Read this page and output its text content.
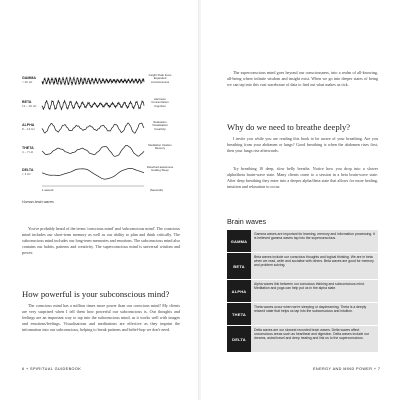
GAMMA
> 30 Hz
BETA
13 – 30 Hz
ALPHA
8 – 13 Hz
THETA
4 – 7 Hz
DELTA
< 4 Hz
Insight Peak focus Expanded consciousness
Alertness Concentration Cognition
Relaxation Visualisation Creativity
Meditation Intuition Memory
Detached awareness Healing Sleep
1 second	(Seconds)
Human brain waves

You've probably heard of the terms 'conscious mind' and 'subconscious mind'. The conscious mind includes our short-term memory as well as our ability to plan and think critically. The subconscious mind includes our long-term memories and emotions. The subconscious mind also contains our habits, patterns and creativity. The superconscious mind is universal wisdom and power.

How powerful is your subconscious mind?

The conscious mind has a million times more power than our conscious mind! My clients are very surprised when I tell them how powerful our subconscious is. Our thoughts and feelings are an important way to tap into the subconscious mind, as it works well with images and emotions/feelings. Visualisations and meditations are effective as they imprint the information into our subconscious, helping to break patterns and belief-hop we don't need.

6 + SPIRITUAL GUIDEBOOK

The superconscious mind goes beyond our consciousness, into a realm of all-knowing, all-being where infinite wisdom and insight exist. When we go into deeper states of being we can tap into this vast warehouse of data to find out what makes us tick.

Why do we need to breathe deeply?

I invite you while you are reading this book to be aware of your breathing. Are you breathing from your abdomen or lungs? Good breathing is when the abdomen rises first, then your lungs rise afterwards.

Try breathing 10 deep, slow belly breaths. Notice how you drop into a slower alpha/theta brain-wave state. Many clients come to a session in a beta brain-wave state. After deep breathing they enter into a deeper alpha/theta state that allows for more healing, intuition and relaxation to occur.

ENERGY AND MIND POWER + 7
Brain waves
GAMMA
Gamma waves are important for learning, memory and information processing. It is believed gamma waves tap into the superconscious.
BETA
Beta waves include our conscious thoughts and logical thinking. We are in beta when we read, write and socialise with others. Beta waves are good for memory and problem solving.
ALPHA
Alpha waves link between our conscious thinking and subconscious mind. Meditation and yoga can help put us in the alpha state.
THETA
Theta waves occur when we're sleeping or daydreaming. Theta is a deeply relaxed state that helps us tap into the subconscious and intuition.
DELTA
Delta waves are our slowest recorded brain waves. Delta waves affect unconscious areas such as heartbeat and digestion. Delta waves include our dreams, astral travel and deep healing and link us to the superconscious.
